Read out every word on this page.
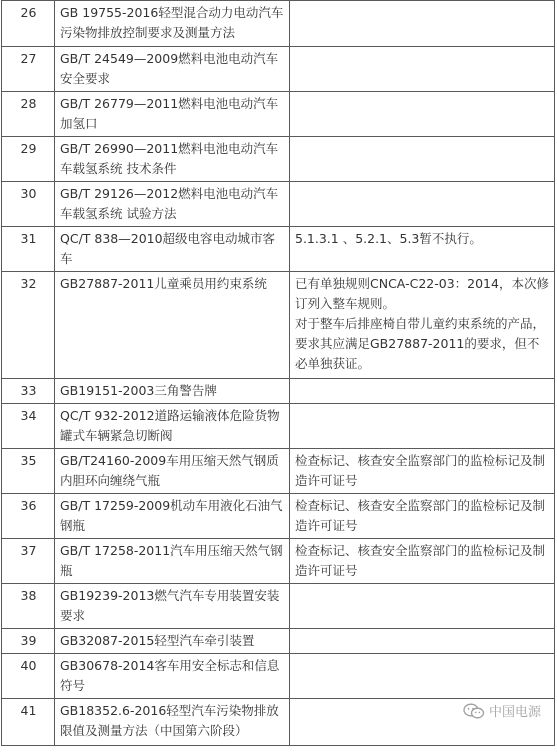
26	GB 19755-2016轻型混合动力电动汽车污染物排放控制要求及测量方法	
27	GB/T 24549—2009燃料电池电动汽车安全要求	
28	GB/T 26779—2011燃料电池电动汽车加氢口	
29	GB/T 26990—2011燃料电池电动汽车车载氢系统 技术条件	
30	GB/T 29126—2012燃料电池电动汽车车载氢系统 试验方法	
31	QC/T 838—2010超级电容电动城市客车	5.1.3.1 、5.2.1、5.3暂不执行。

32	GB27887-2011儿童乘员用约束系统	已有单独规则CNCA-C22-03：2014，本次修订列入整车规则。
对于整车后排座椅自带儿童约束系统的产品，要求其应满足GB27887-2011的要求，但不必单独获证。

33	GB19151-2003三角警告牌	
34	QC/T 932-2012道路运输液体危险货物罐式车辆紧急切断阀	
35	GB/T24160-2009车用压缩天然气钢质内胆环向缠绕气瓶	检查标记、核查安全监察部门的监检标记及制造许可证号

36	GB/T 17259-2009机动车用液化石油气钢瓶	检查标记、核查安全监察部门的监检标记及制造许可证号

37	GB/T 17258-2011汽车用压缩天然气钢瓶	检查标记、核查安全监察部门的监检标记及制造许可证号

38	GB19239-2013燃气汽车专用装置安装要求	
39	GB32087-2015轻型汽车牵引装置	
40	GB30678-2014客车用安全标志和信息符号	
41	GB18352.6-2016轻型汽车污染物排放限值及测量方法（中国第六阶段）	
中国电源
